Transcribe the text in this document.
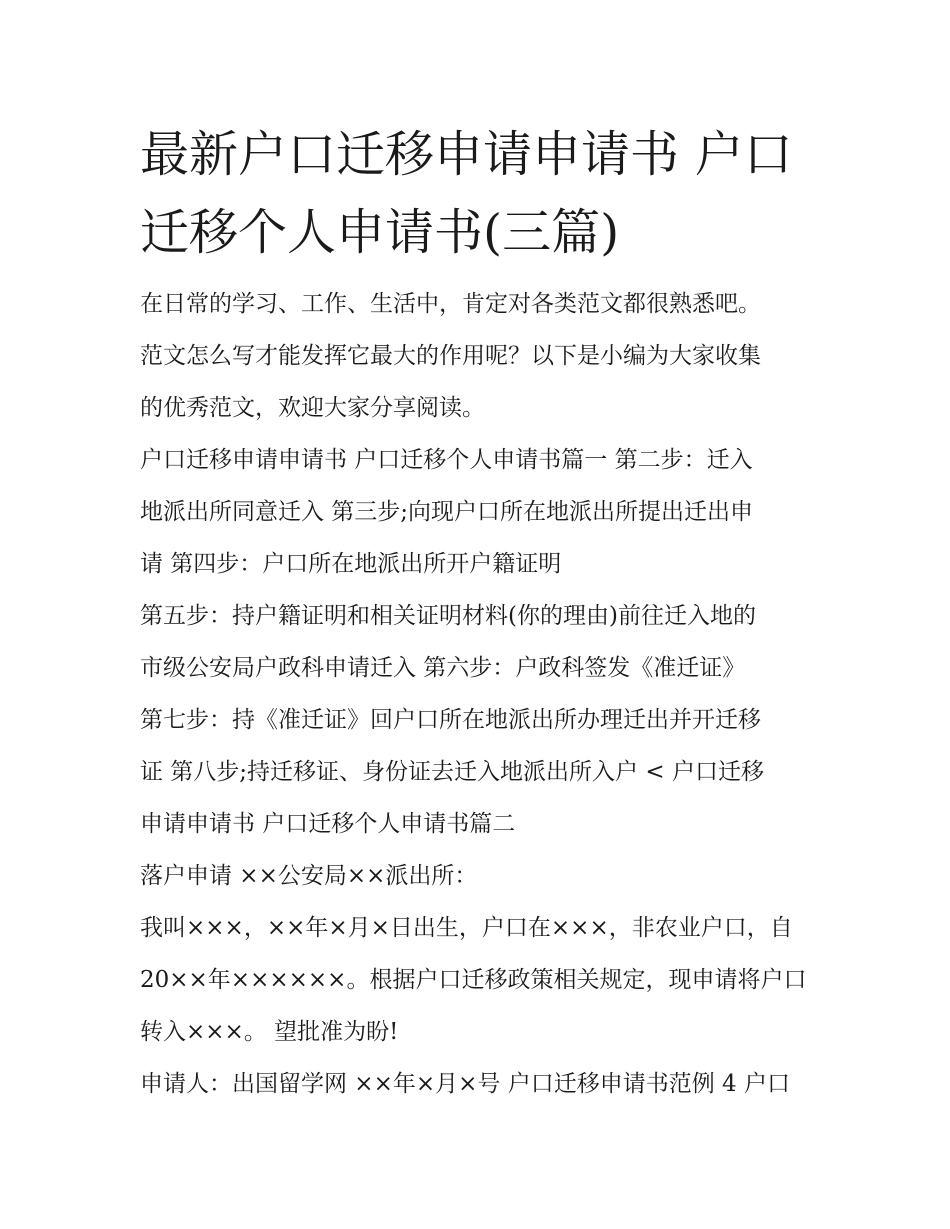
最新户口迁移申请申请书 户口
迁移个人申请书(三篇)
在日常的学习、工作、生活中，肯定对各类范文都很熟悉吧。
范文怎么写才能发挥它最大的作用呢？以下是小编为大家收集
的优秀范文，欢迎大家分享阅读。
户口迁移申请申请书 户口迁移个人申请书篇一 第二步：迁入
地派出所同意迁入 第三步;向现户口所在地派出所提出迁出申
请 第四步：户口所在地派出所开户籍证明
第五步：持户籍证明和相关证明材料(你的理由)前往迁入地的
市级公安局户政科申请迁入 第六步：户政科签发《准迁证》
第七步：持《准迁证》回户口所在地派出所办理迁出并开迁移
证 第八步;持迁移证、身份证去迁入地派出所入户 < 户口迁移
申请申请书 户口迁移个人申请书篇二
落户申请 ××公安局××派出所：
我叫×××，××年×月×日出生，户口在×××，非农业户口，自
20××年××××××。根据户口迁移政策相关规定，现申请将户口
转入×××。 望批准为盼!
申请人：出国留学网 ××年×月×号 户口迁移申请书范例 4 户口
